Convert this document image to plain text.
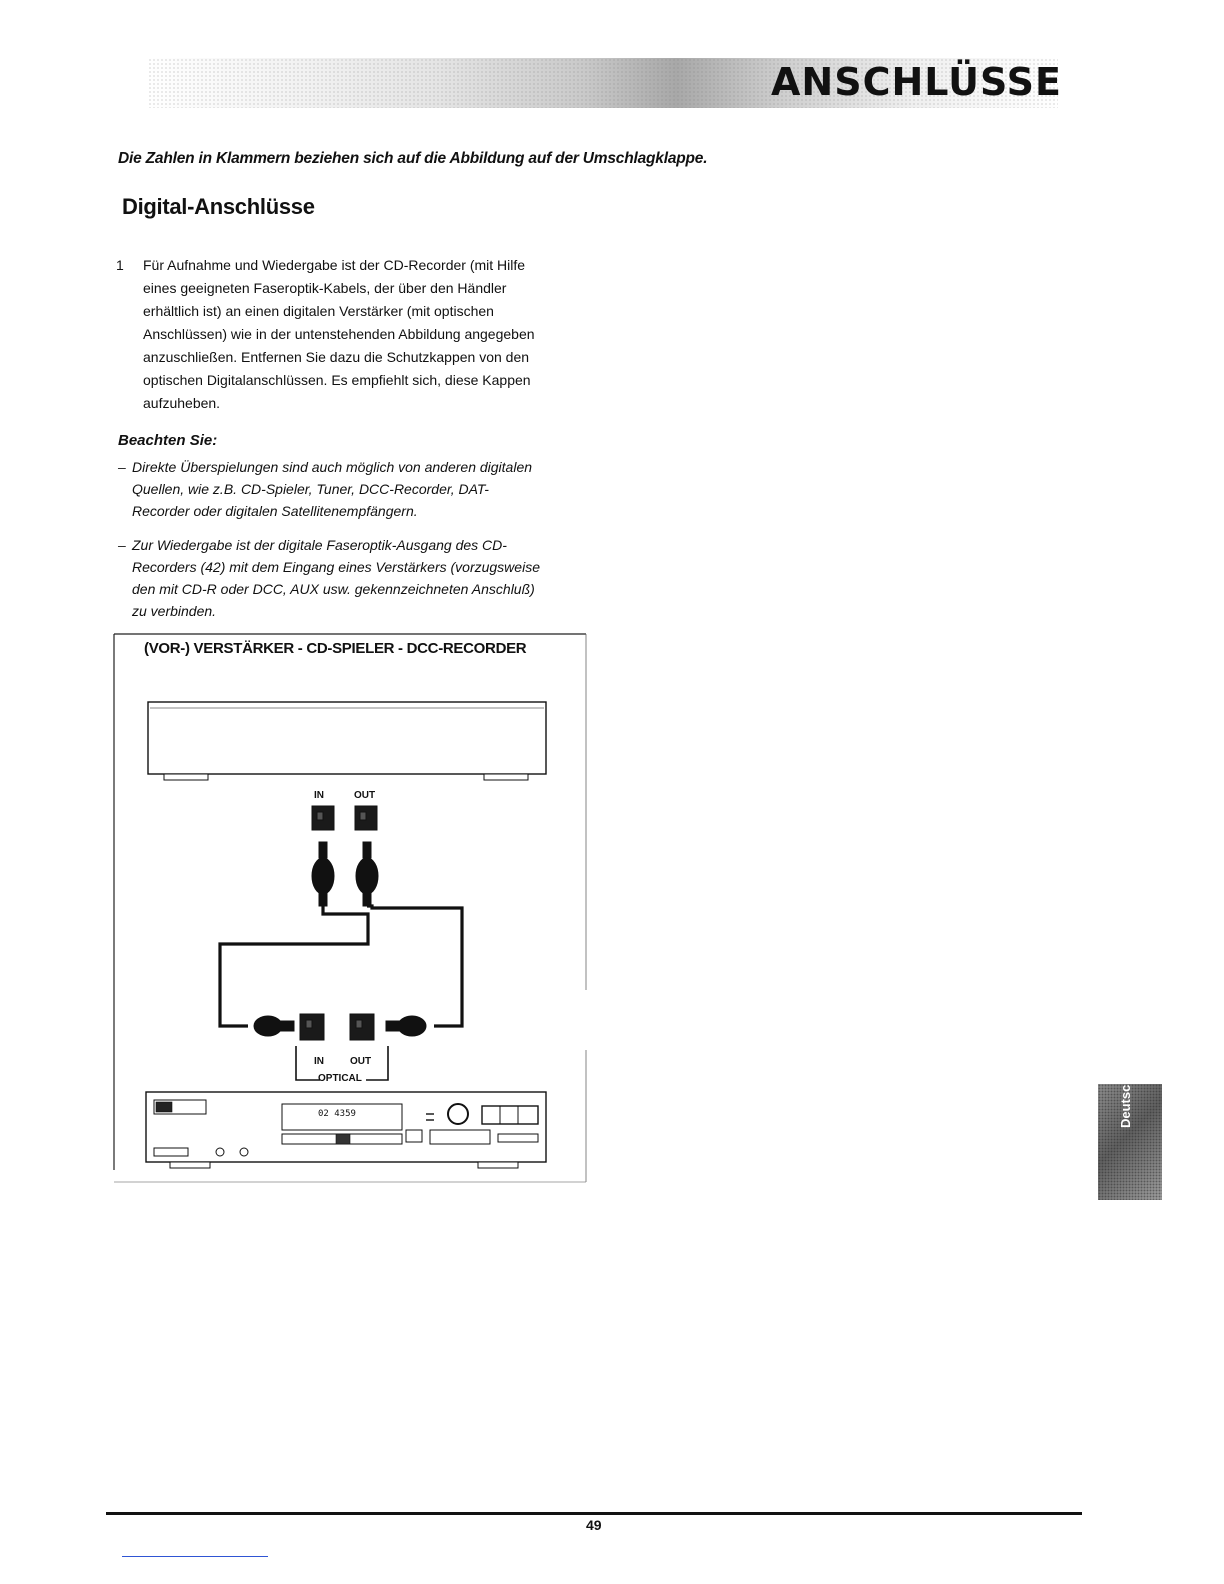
ANSCHLÜSSE
Die Zahlen in Klammern beziehen sich auf die Abbildung auf der Umschlagklappe.
Digital-Anschlüsse
1 Für Aufnahme und Wiedergabe ist der CD-Recorder (mit Hilfe
eines geeigneten Faseroptik-Kabels, der über den Händler
erhältlich ist) an einen digitalen Verstärker (mit optischen
Anschlüssen) wie in der untenstehenden Abbildung angegeben
anzuschließen. Entfernen Sie dazu die Schutzkappen von den
optischen Digitalanschlüssen. Es empfiehlt sich, diese Kappen
aufzuheben.
Beachten Sie:
– Direkte Überspielungen sind auch möglich von anderen digitalen
Quellen, wie z.B. CD-Spieler, Tuner, DCC-Recorder, DAT-
Recorder oder digitalen Satellitenempfängern.
– Zur Wiedergabe ist der digitale Faseroptik-Ausgang des CD-
Recorders (42) mit dem Eingang eines Verstärkers (vorzugsweise
den mit CD-R oder DCC, AUX usw. gekennzeichneten Anschluß)
zu verbinden.
(VOR-) VERSTÄRKER - CD-SPIELER - DCC-RECORDER
IN	OUT
IN	OUT
OPTICAL
02 4359	Deutsch
49
